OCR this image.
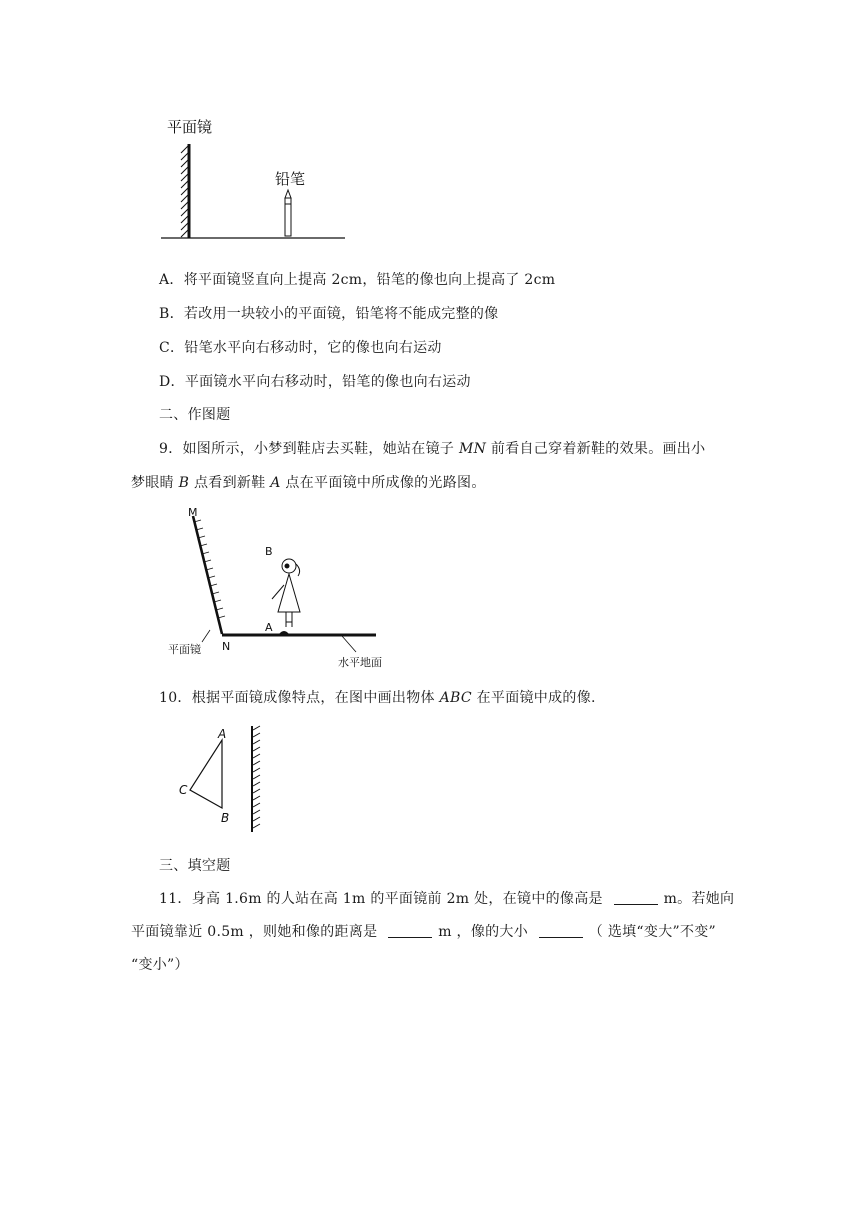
平面镜
铅笔
A．将平面镜竖直向上提高 2cm，铅笔的像也向上提高了 2cm
B．若改用一块较小的平面镜，铅笔将不能成完整的像
C．铅笔水平向右移动时，它的像也向右运动
D．平面镜水平向右移动时，铅笔的像也向右运动
二、作图题
9．如图所示，小梦到鞋店去买鞋，她站在镜子 MN 前看自己穿着新鞋的效果。画出小
梦眼睛 B 点看到新鞋 A 点在平面镜中所成像的光路图。
M
N
平面镜
水平地面
B
A
10．根据平面镜成像特点，在图中画出物体 ABC 在平面镜中成的像.
A
C
B
三、填空题
11．身高 1.6m 的人站在高 1m 的平面镜前 2m 处，在镜中的像高是	m。若她向
平面镜靠近 0.5m ，则她和像的距离是	m ，像的大小	（ 选填“变大”不变”
“变小”）
